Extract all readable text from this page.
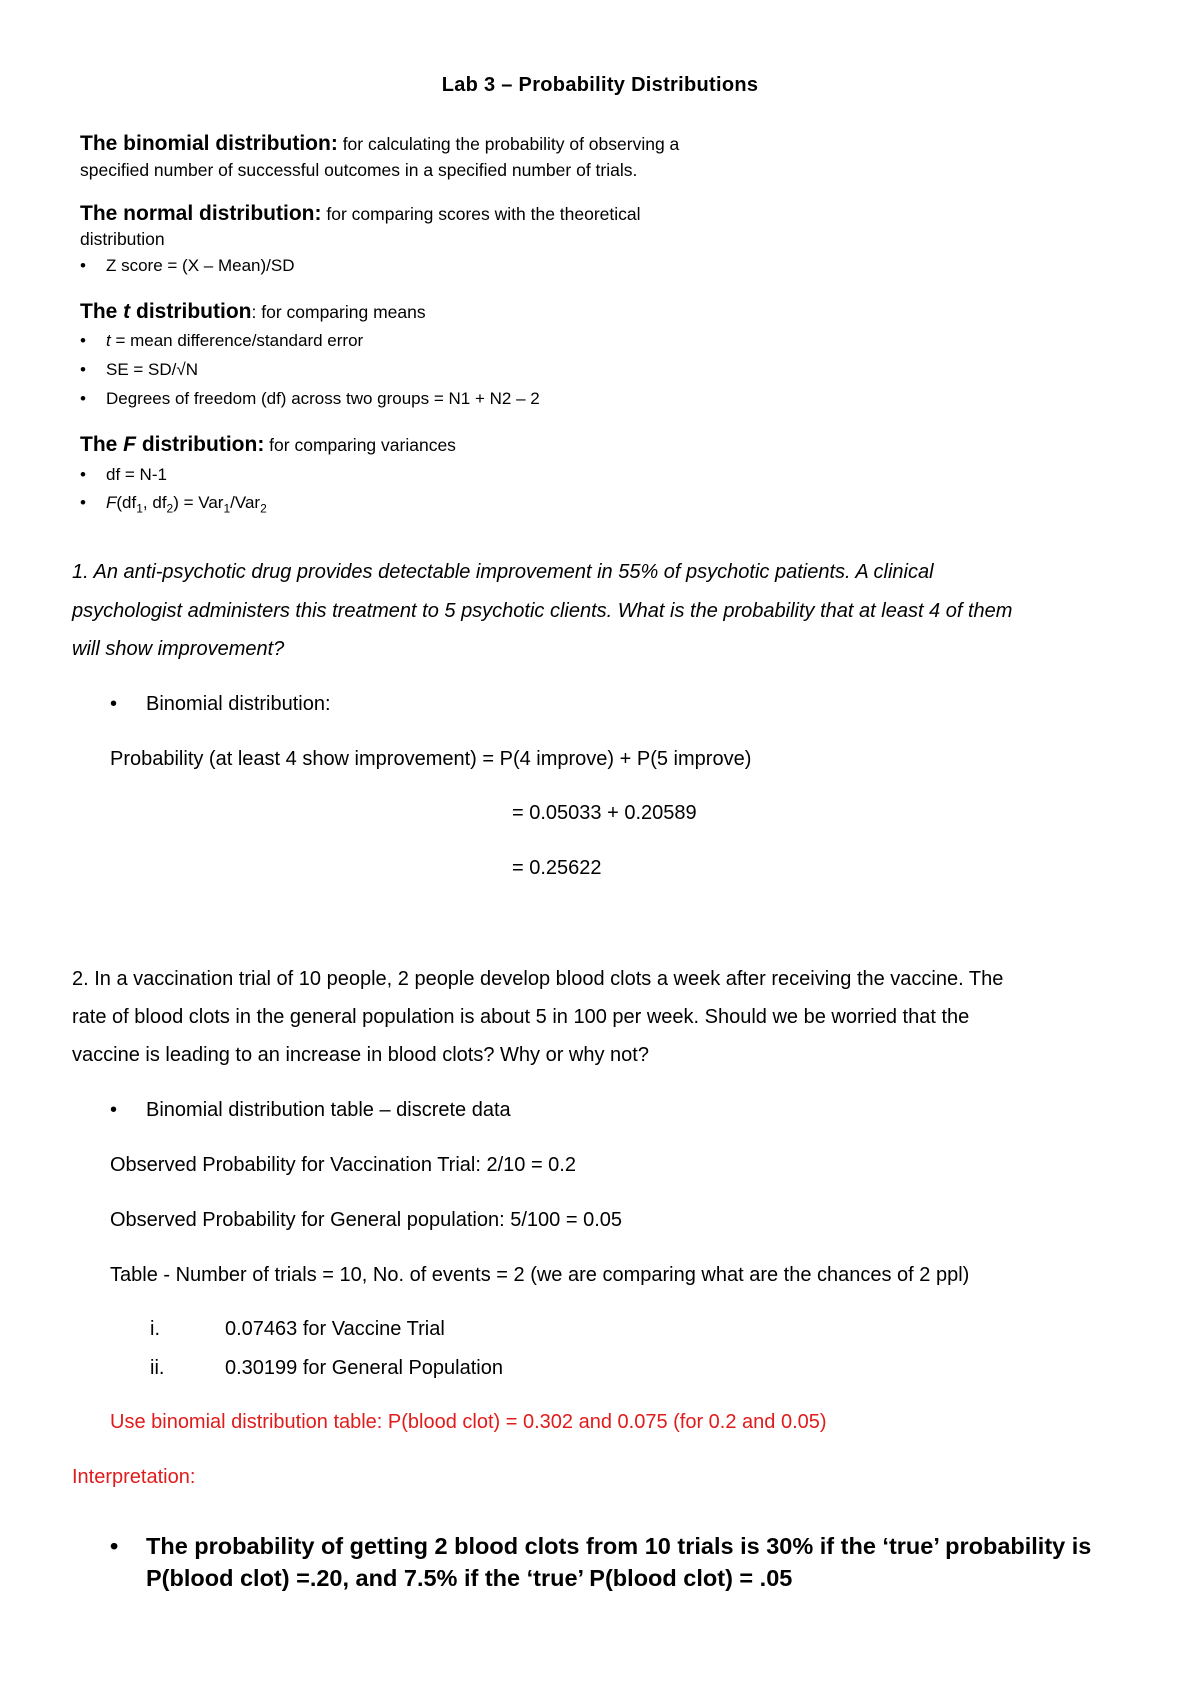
Lab 3 – Probability Distributions
The binomial distribution: for calculating the probability of observing a
specified number of successful outcomes in a specified number of trials.
The normal distribution: for comparing scores with the theoretical
distribution
• Z score = (X – Mean)/SD
The t distribution: for comparing means
• t = mean difference/standard error
• SE = SD/√N
• Degrees of freedom (df) across two groups = N1 + N2 – 2
The F distribution: for comparing variances
• df = N-1
• $F(df_1$, $df_2) = Var_1/Var_2$
1. An anti-psychotic drug provides detectable improvement in 55% of psychotic patients. A clinical
psychologist administers this treatment to 5 psychotic clients. What is the probability that at least 4 of them
will show improvement?
• Binomial distribution:
Probability (at least 4 show improvement) = P(4 improve) + P(5 improve)
= 0.05033 + 0.20589
= 0.25622
2. In a vaccination trial of 10 people, 2 people develop blood clots a week after receiving the vaccine. The
rate of blood clots in the general population is about 5 in 100 per week. Should we be worried that the
vaccine is leading to an increase in blood clots? Why or why not?
• Binomial distribution table – discrete data
Observed Probability for Vaccination Trial: 2/10 = 0.2
Observed Probability for General population: 5/100 = 0.05
Table - Number of trials = 10, No. of events = 2 (we are comparing what are the chances of 2 ppl)
i.	0.07463 for Vaccine Trial
ii.	0.30199 for General Population
Use binomial distribution table: P(blood clot) = 0.302 and 0.075 (for 0.2 and 0.05)
Interpretation:
• The probability of getting 2 blood clots from 10 trials is 30% if the ‘true’ probability is
P(blood clot) =.20, and 7.5% if the ‘true’ P(blood clot) = .05
